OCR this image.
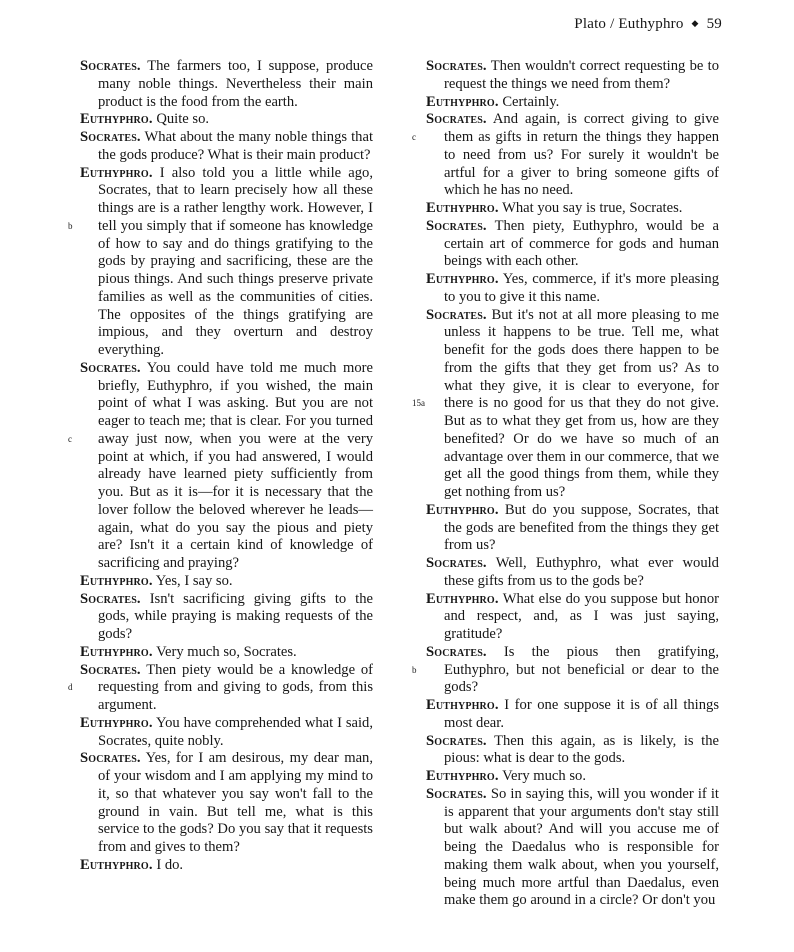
Plato / Euthyphro ◆ 59

Socrates. The farmers too, I suppose, produce many noble things. Nevertheless their main product is the food from the earth.

Euthyphro. Quite so.

Socrates. What about the many noble things that the gods produce? What is their main product?

Euthyphro. I also told you a little while ago, Socrates, that to learn precisely how all these things are is a rather lengthy work. However, I tell you simply that if someone has knowledge of how to say and do things gratifying to the gods by praying and sacrificing, these are the pious things. And such things preserve private families as well as the communities of cities. The opposites of the things gratifying are impious, and they overturn and destroy everything.
b

Socrates. You could have told me much more briefly, Euthyphro, if you wished, the main point of what I was asking. But you are not eager to teach me; that is clear. For you turned away just now, when you were at the very point at which, if you had answered, I would already have learned piety sufficiently from you. But as it is—for it is necessary that the lover follow the beloved wherever he leads—again, what do you say the pious and piety are? Isn't it a certain kind of knowledge of sacrificing and praying?
c

Euthyphro. Yes, I say so.

Socrates. Isn't sacrificing giving gifts to the gods, while praying is making requests of the gods?

Euthyphro. Very much so, Socrates.

Socrates. Then piety would be a knowledge of requesting from and giving to gods, from this argument.
d

Euthyphro. You have comprehended what I said, Socrates, quite nobly.

Socrates. Yes, for I am desirous, my dear man, of your wisdom and I am applying my mind to it, so that whatever you say won't fall to the ground in vain. But tell me, what is this service to the gods? Do you say that it requests from and gives to them?

Euthyphro. I do.

Socrates. Then wouldn't correct requesting be to request the things we need from them?

Euthyphro. Certainly.

Socrates. And again, is correct giving to give them as gifts in return the things they happen to need from us? For surely it wouldn't be artful for a giver to bring someone gifts of which he has no need.
c

Euthyphro. What you say is true, Socrates.

Socrates. Then piety, Euthyphro, would be a certain art of commerce for gods and human beings with each other.

Euthyphro. Yes, commerce, if it's more pleasing to you to give it this name.

Socrates. But it's not at all more pleasing to me unless it happens to be true. Tell me, what benefit for the gods does there happen to be from the gifts that they get from us? As to what they give, it is clear to everyone, for there is no good for us that they do not give. But as to what they get from us, how are they benefited? Or do we have so much of an advantage over them in our commerce, that we get all the good things from them, while they get nothing from us?
15a

Euthyphro. But do you suppose, Socrates, that the gods are benefited from the things they get from us?

Socrates. Well, Euthyphro, what ever would these gifts from us to the gods be?

Euthyphro. What else do you suppose but honor and respect, and, as I was just saying, gratitude?

Socrates. Is the pious then gratifying, Euthyphro, but not beneficial or dear to the gods?
b

Euthyphro. I for one suppose it is of all things most dear.

Socrates. Then this again, as is likely, is the pious: what is dear to the gods.

Euthyphro. Very much so.

Socrates. So in saying this, will you wonder if it is apparent that your arguments don't stay still but walk about? And will you accuse me of being the Daedalus who is responsible for making them walk about, when you yourself, being much more artful than Daedalus, even make them go around in a circle? Or don't you
